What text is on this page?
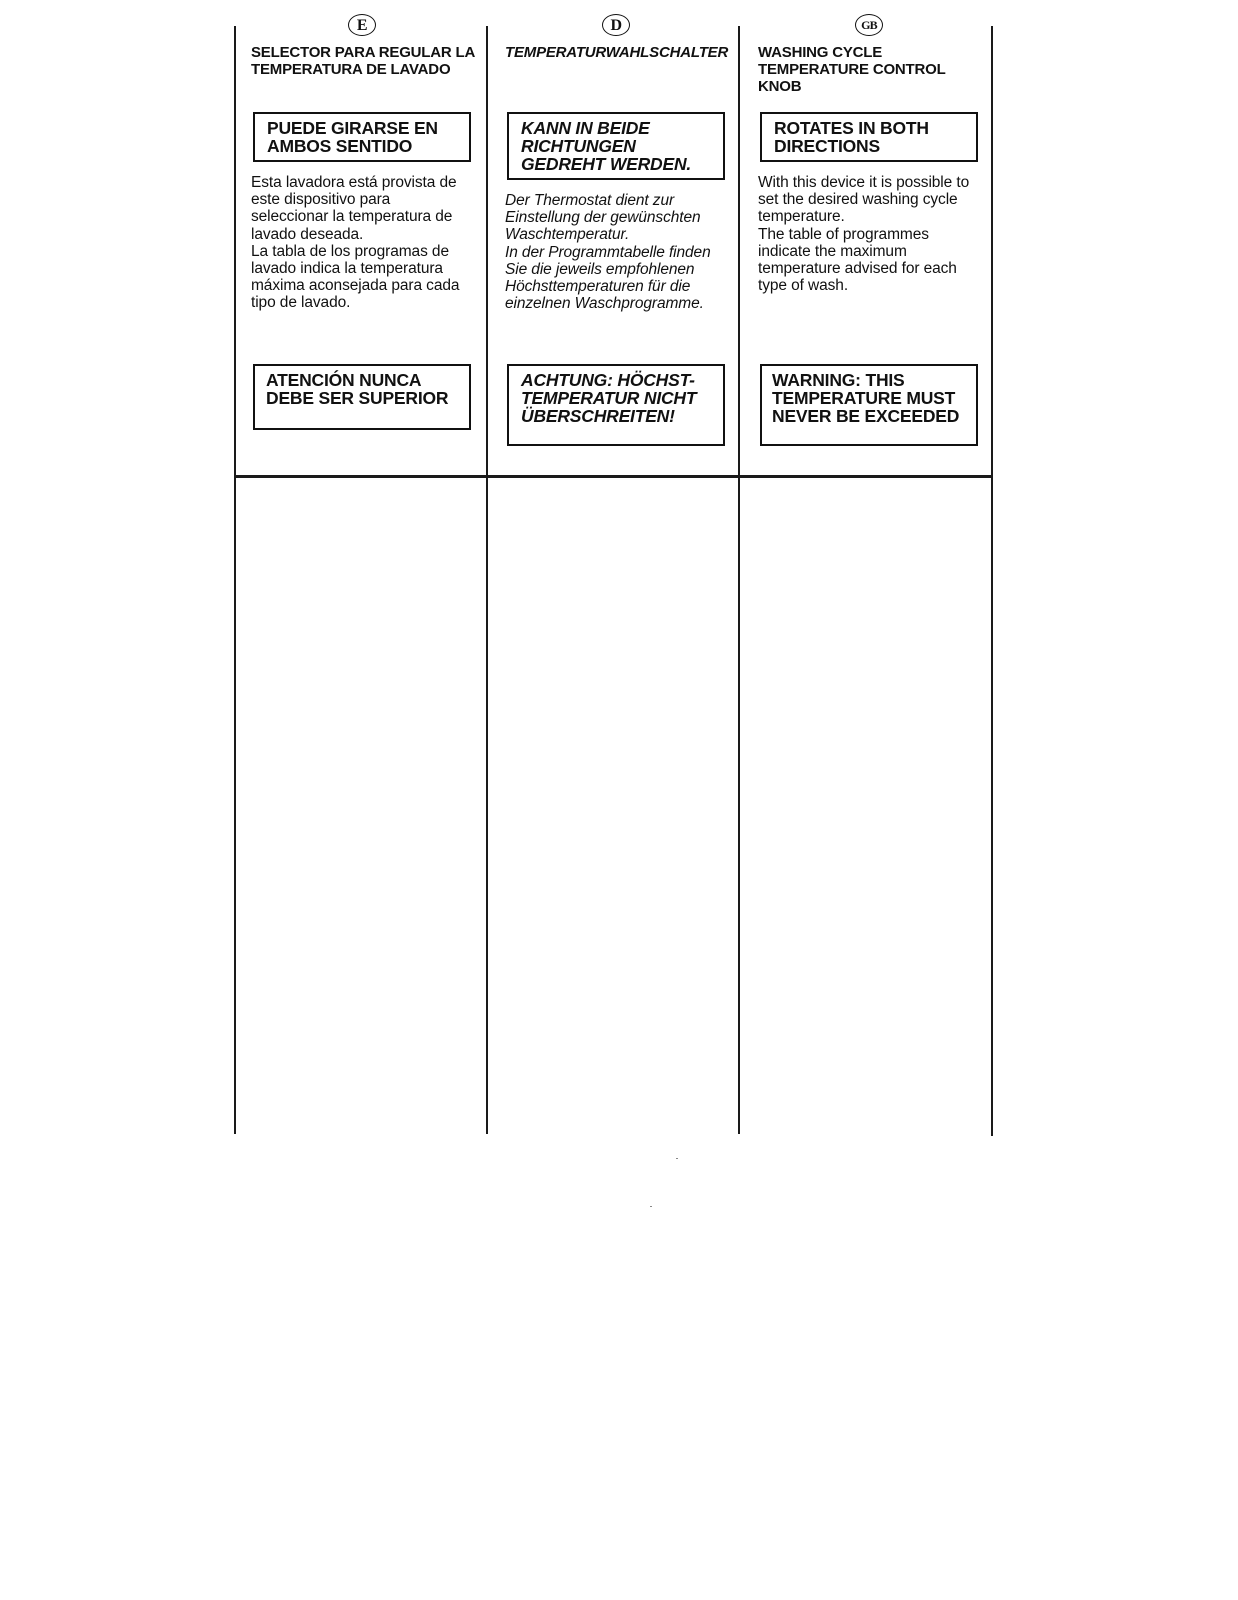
E
SELECTOR PARA REGULAR LA TEMPERATURA DE LAVADO
PUEDE GIRARSE EN AMBOS SENTIDO

Esta lavadora está provista de este dispositivo para seleccionar la temperatura de lavado deseada.
La tabla de los programas de lavado indica la temperatura máxima aconsejada para cada tipo de lavado.

ATENCIÓN NUNCA DEBE SER SUPERIOR
D
TEMPERATURWAHLSCHALTER
KANN IN BEIDE RICHTUNGEN GEDREHT WERDEN.

Der Thermostat dient zur Einstellung der gewünschten Waschtemperatur.
In der Programmtabelle finden Sie die jeweils empfohlenen Höchsttemperaturen für die einzelnen Waschprogramme.

ACHTUNG: HÖCHST-TEMPERATUR NICHT ÜBERSCHREITEN!
GB
WASHING CYCLE TEMPERATURE CONTROL KNOB
ROTATES IN BOTH DIRECTIONS

With this device it is possible to set the desired washing cycle temperature.
The table of programmes indicate the maximum temperature advised for each type of wash.

WARNING: THIS TEMPERATURE MUST NEVER BE EXCEEDED
